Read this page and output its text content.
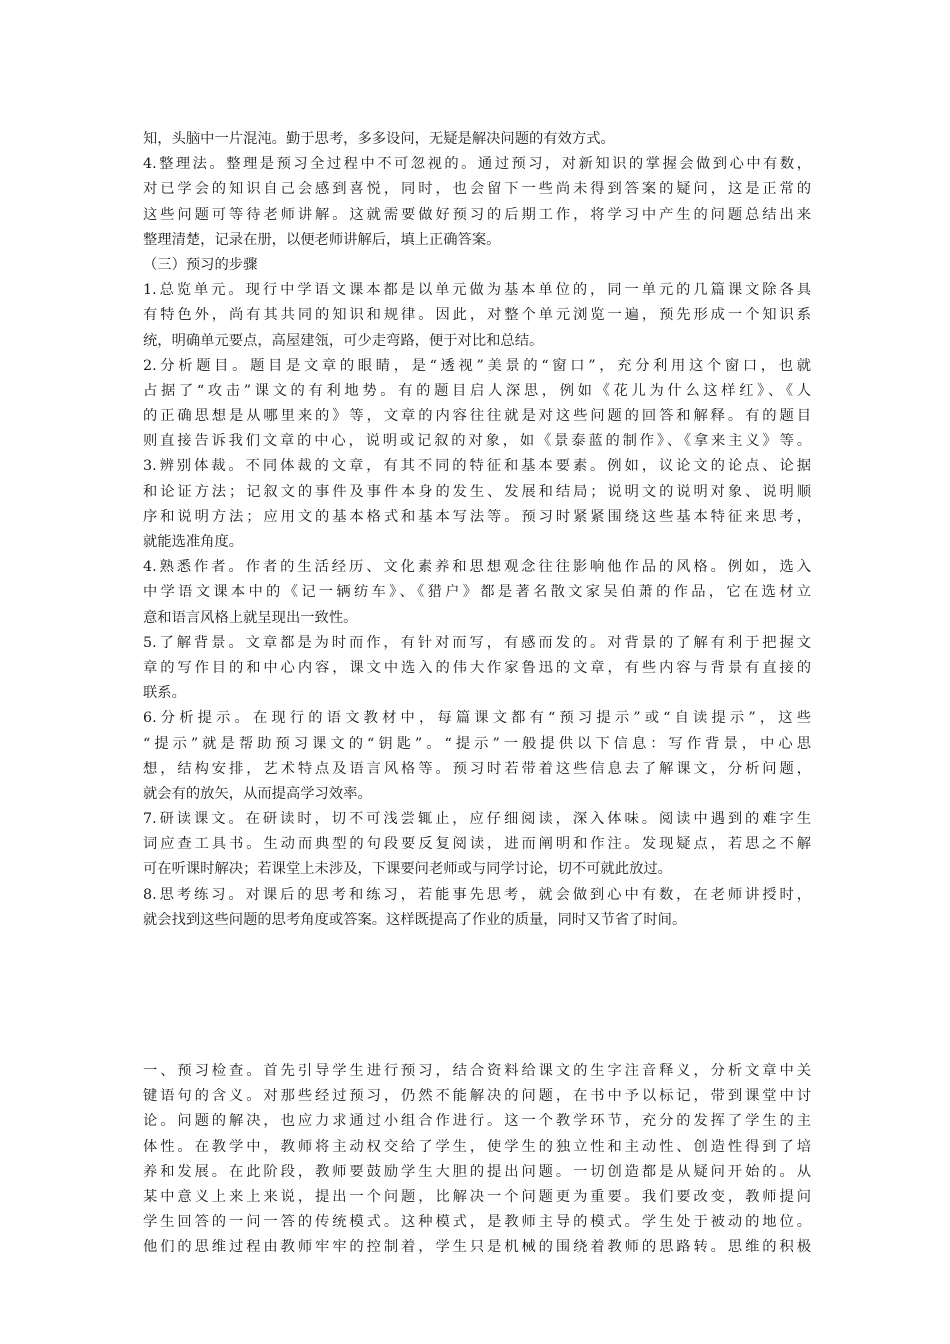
知，头脑中一片混沌。勤于思考，多多设问，无疑是解决问题的有效方式。
4.整理法。整理是预习全过程中不可忽视的。通过预习，对新知识的掌握会做到心中有数，
对已学会的知识自己会感到喜悦，同时，也会留下一些尚未得到答案的疑问，这是正常的
这些问题可等待老师讲解。这就需要做好预习的后期工作，将学习中产生的问题总结出来
整理清楚，记录在册，以便老师讲解后，填上正确答案。
（三）预习的步骤
1.总览单元。现行中学语文课本都是以单元做为基本单位的，同一单元的几篇课文除各具
有特色外，尚有其共同的知识和规律。因此，对整个单元浏览一遍，预先形成一个知识系
统，明确单元要点，高屋建瓴，可少走弯路，便于对比和总结。
2.分析题目。题目是文章的眼睛，是“透视”美景的“窗口”，充分利用这个窗口，也就
占据了“攻击”课文的有利地势。有的题目启人深思，例如《花儿为什么这样红》、《人
的正确思想是从哪里来的》等，文章的内容往往就是对这些问题的回答和解释。有的题目
则直接告诉我们文章的中心，说明或记叙的对象，如《景泰蓝的制作》、《拿来主义》等。
3.辨别体裁。不同体裁的文章，有其不同的特征和基本要素。例如，议论文的论点、论据
和论证方法；记叙文的事件及事件本身的发生、发展和结局；说明文的说明对象、说明顺
序和说明方法；应用文的基本格式和基本写法等。预习时紧紧围绕这些基本特征来思考，
就能选准角度。
4.熟悉作者。作者的生活经历、文化素养和思想观念往往影响他作品的风格。例如，选入
中学语文课本中的《记一辆纺车》、《猎户》都是著名散文家吴伯萧的作品，它在选材立
意和语言风格上就呈现出一致性。
5.了解背景。文章都是为时而作，有针对而写，有感而发的。对背景的了解有利于把握文
章的写作目的和中心内容，课文中选入的伟大作家鲁迅的文章，有些内容与背景有直接的
联系。
6.分析提示。在现行的语文教材中，每篇课文都有“预习提示”或“自读提示”，这些
“提示”就是帮助预习课文的“钥匙”。“提示”一般提供以下信息：写作背景，中心思
想，结构安排，艺术特点及语言风格等。预习时若带着这些信息去了解课文，分析问题，
就会有的放矢，从而提高学习效率。
7.研读课文。在研读时，切不可浅尝辄止，应仔细阅读，深入体味。阅读中遇到的难字生
词应查工具书。生动而典型的句段要反复阅读，进而阐明和作注。发现疑点，若思之不解
可在听课时解决；若课堂上未涉及，下课要问老师或与同学讨论，切不可就此放过。
8.思考练习。对课后的思考和练习，若能事先思考，就会做到心中有数，在老师讲授时，
就会找到这些问题的思考角度或答案。这样既提高了作业的质量，同时又节省了时间。
一、预习检查。首先引导学生进行预习，结合资料给课文的生字注音释义，分析文章中关
键语句的含义。对那些经过预习，仍然不能解决的问题，在书中予以标记，带到课堂中讨
论。问题的解决，也应力求通过小组合作进行。这一个教学环节，充分的发挥了学生的主
体性。在教学中，教师将主动权交给了学生，使学生的独立性和主动性、创造性得到了培
养和发展。在此阶段，教师要鼓励学生大胆的提出问题。一切创造都是从疑问开始的。从
某中意义上来上来说，提出一个问题，比解决一个问题更为重要。我们要改变，教师提问
学生回答的一问一答的传统模式。这种模式，是教师主导的模式。学生处于被动的地位。
他们的思维过程由教师牢牢的控制着，学生只是机械的围绕着教师的思路转。思维的积极
